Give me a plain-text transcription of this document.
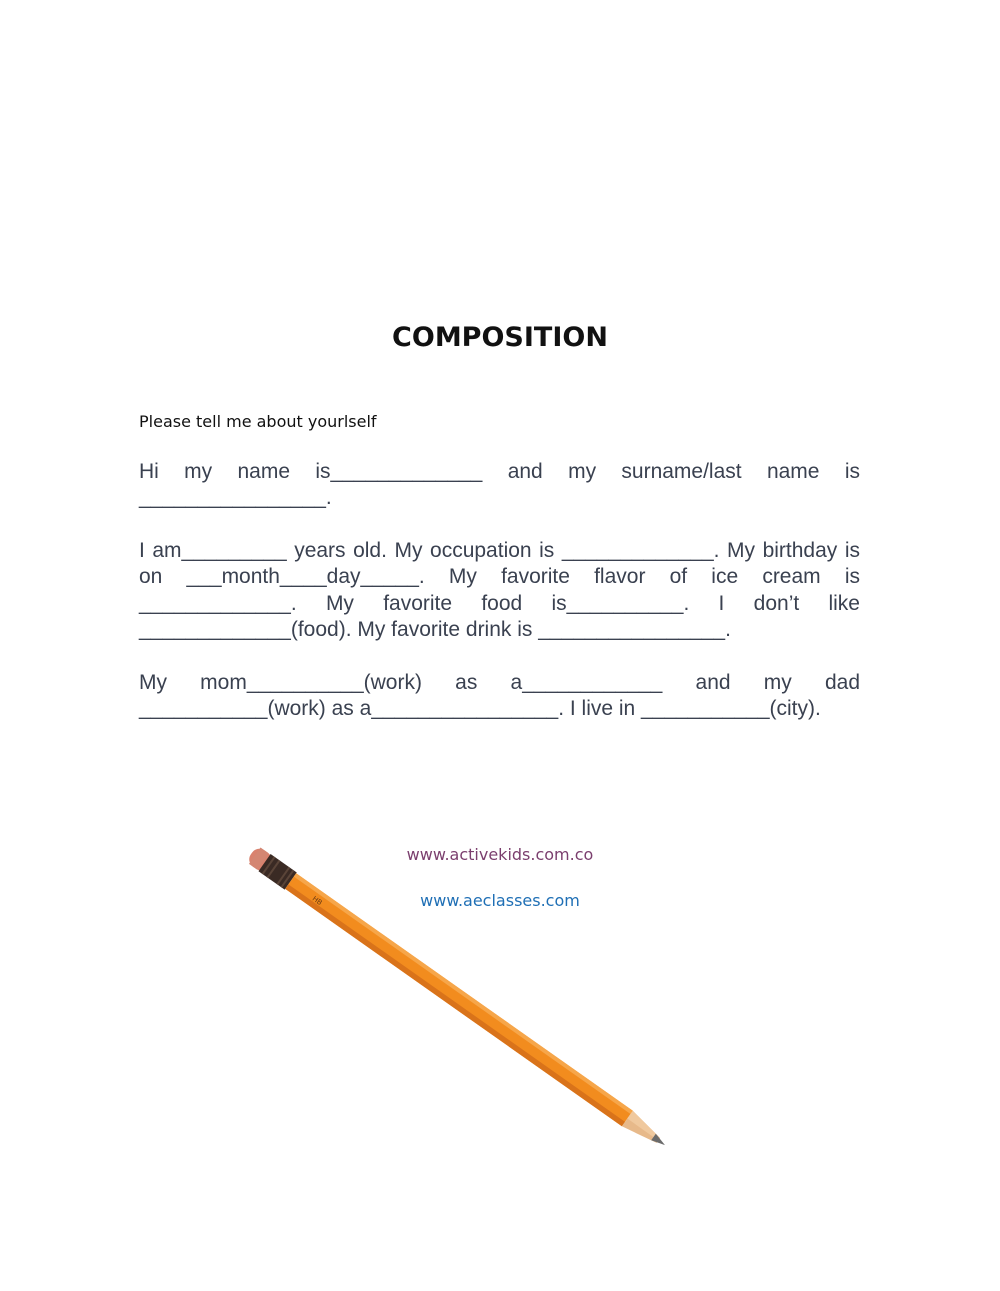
COMPOSITION
Please tell me about yourlself

Hi my name is_____________ and my surname/last name is ________________.

I am_________ years old. My occupation is _____________. My birthday is on ___month____day_____. My favorite flavor of ice cream is _____________. My favorite food is__________. I don’t like _____________(food). My favorite drink is ________________.

My mom__________(work) as a____________ and my dad ___________(work) as a________________. I live in ___________(city).

HB
www.activekids.com.co
www.aeclasses.com
